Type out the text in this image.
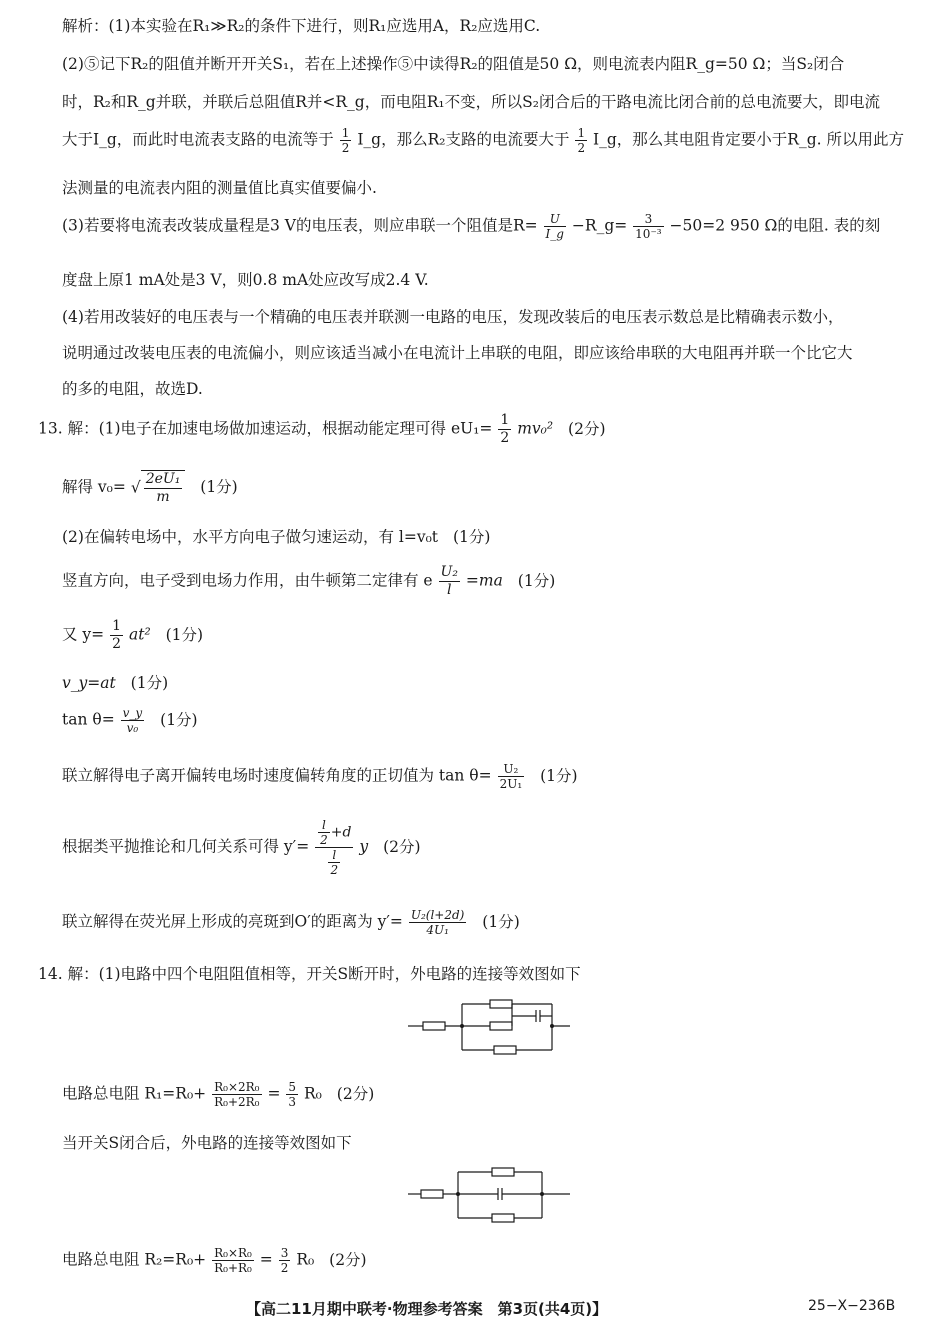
解析：(1)本实验在R₁≫R₂的条件下进行，则R₁应选用A，R₂应选用C.
(2)⑤记下R₂的阻值并断开开关S₁，若在上述操作⑤中读得R₂的阻值是50 Ω，则电流表内阻R_g=50 Ω；当S₂闭合
时，R₂和R_g并联，并联后总阻值R并<R_g，而电阻R₁不变，所以S₂闭合后的干路电流比闭合前的总电流要大，即电流
大于I_g，而此时电流表支路的电流等于 $\frac{1}{2}$ I_g，那么R₂支路的电流要大于 $\frac{1}{2}$ I_g，那么其电阻肯定要小于R_g. 所以用此方
法测量的电流表内阻的测量值比真实值要偏小.
(3)若要将电流表改装成量程是3 V的电压表，则应串联一个阻值是$R= \frac{U}{I\_g}$ −R_g= $\frac{3}{\text{10⁻³}} -50=2$ 950 Ω的电阻. 表的刻
度盘上原1 mA处是3 V，则0.8 mA处应改写成2.4 V.
(4)若用改装好的电压表与一个精确的电压表并联测一电路的电压，发现改装后的电压表示数总是比精确表示数小，
说明通过改装电压表的电流偏小，则应该适当减小在电流计上串联的电阻，即应该给串联的大电阻再并联一个比它大
的多的电阻，故选D.
13. 解：(1)电子在加速电场做加速运动，根据动能定理可得 $eU_1= \frac{1}{2} mv_0^2$ (2分)
解得 v₀= √ $\frac{\text{2eU₁}}{m} (1$分)
(2)在偏转电场中，水平方向电子做匀速运动，有 l=v₀t (1分)
竖直方向，电子受到电场力作用，由牛顿第二定律有 e $\frac{\text{U₂}}{l} =ma$ (1分)
又 $y= \frac{1}{2} at^2$ (1分)
v_y=at (1分)
$\tan \theta= \frac{v\_y}{\text{v₀}} (1$分)
联立解得电子离开偏转电场时速度偏转角度的正切值为 $\tan \theta= \frac{\text{U₂}}{\text{2U₁}} (1$分)
根据类平抛推论和几何关系可得 $y'= \frac{\frac{l}{2} +d}{\frac{l}{2}}$ y (2分)
联立解得在荧光屏上形成的亮斑到O′的距离为 $y'= \frac{\text{U₂(l+2d)}}{\text{4U₁}} (1$分)
14. 解：(1)电路中四个电阻阻值相等，开关S断开时，外电路的连接等效图如下
电路总电阻 $R_1=R_0+ \frac{\text{R₀×2R₀}}{\text{R₀+2R₀}} = \frac{5}{3} R_0$ (2分)
当开关S闭合后，外电路的连接等效图如下
电路总电阻 $R_2=R_0+ \frac{\text{R₀×R₀}}{\text{R₀+R₀}} = \frac{3}{2} R_0$ (2分)
【高二11月期中联考·物理参考答案　第3页(共4页)】	25−X−236B
